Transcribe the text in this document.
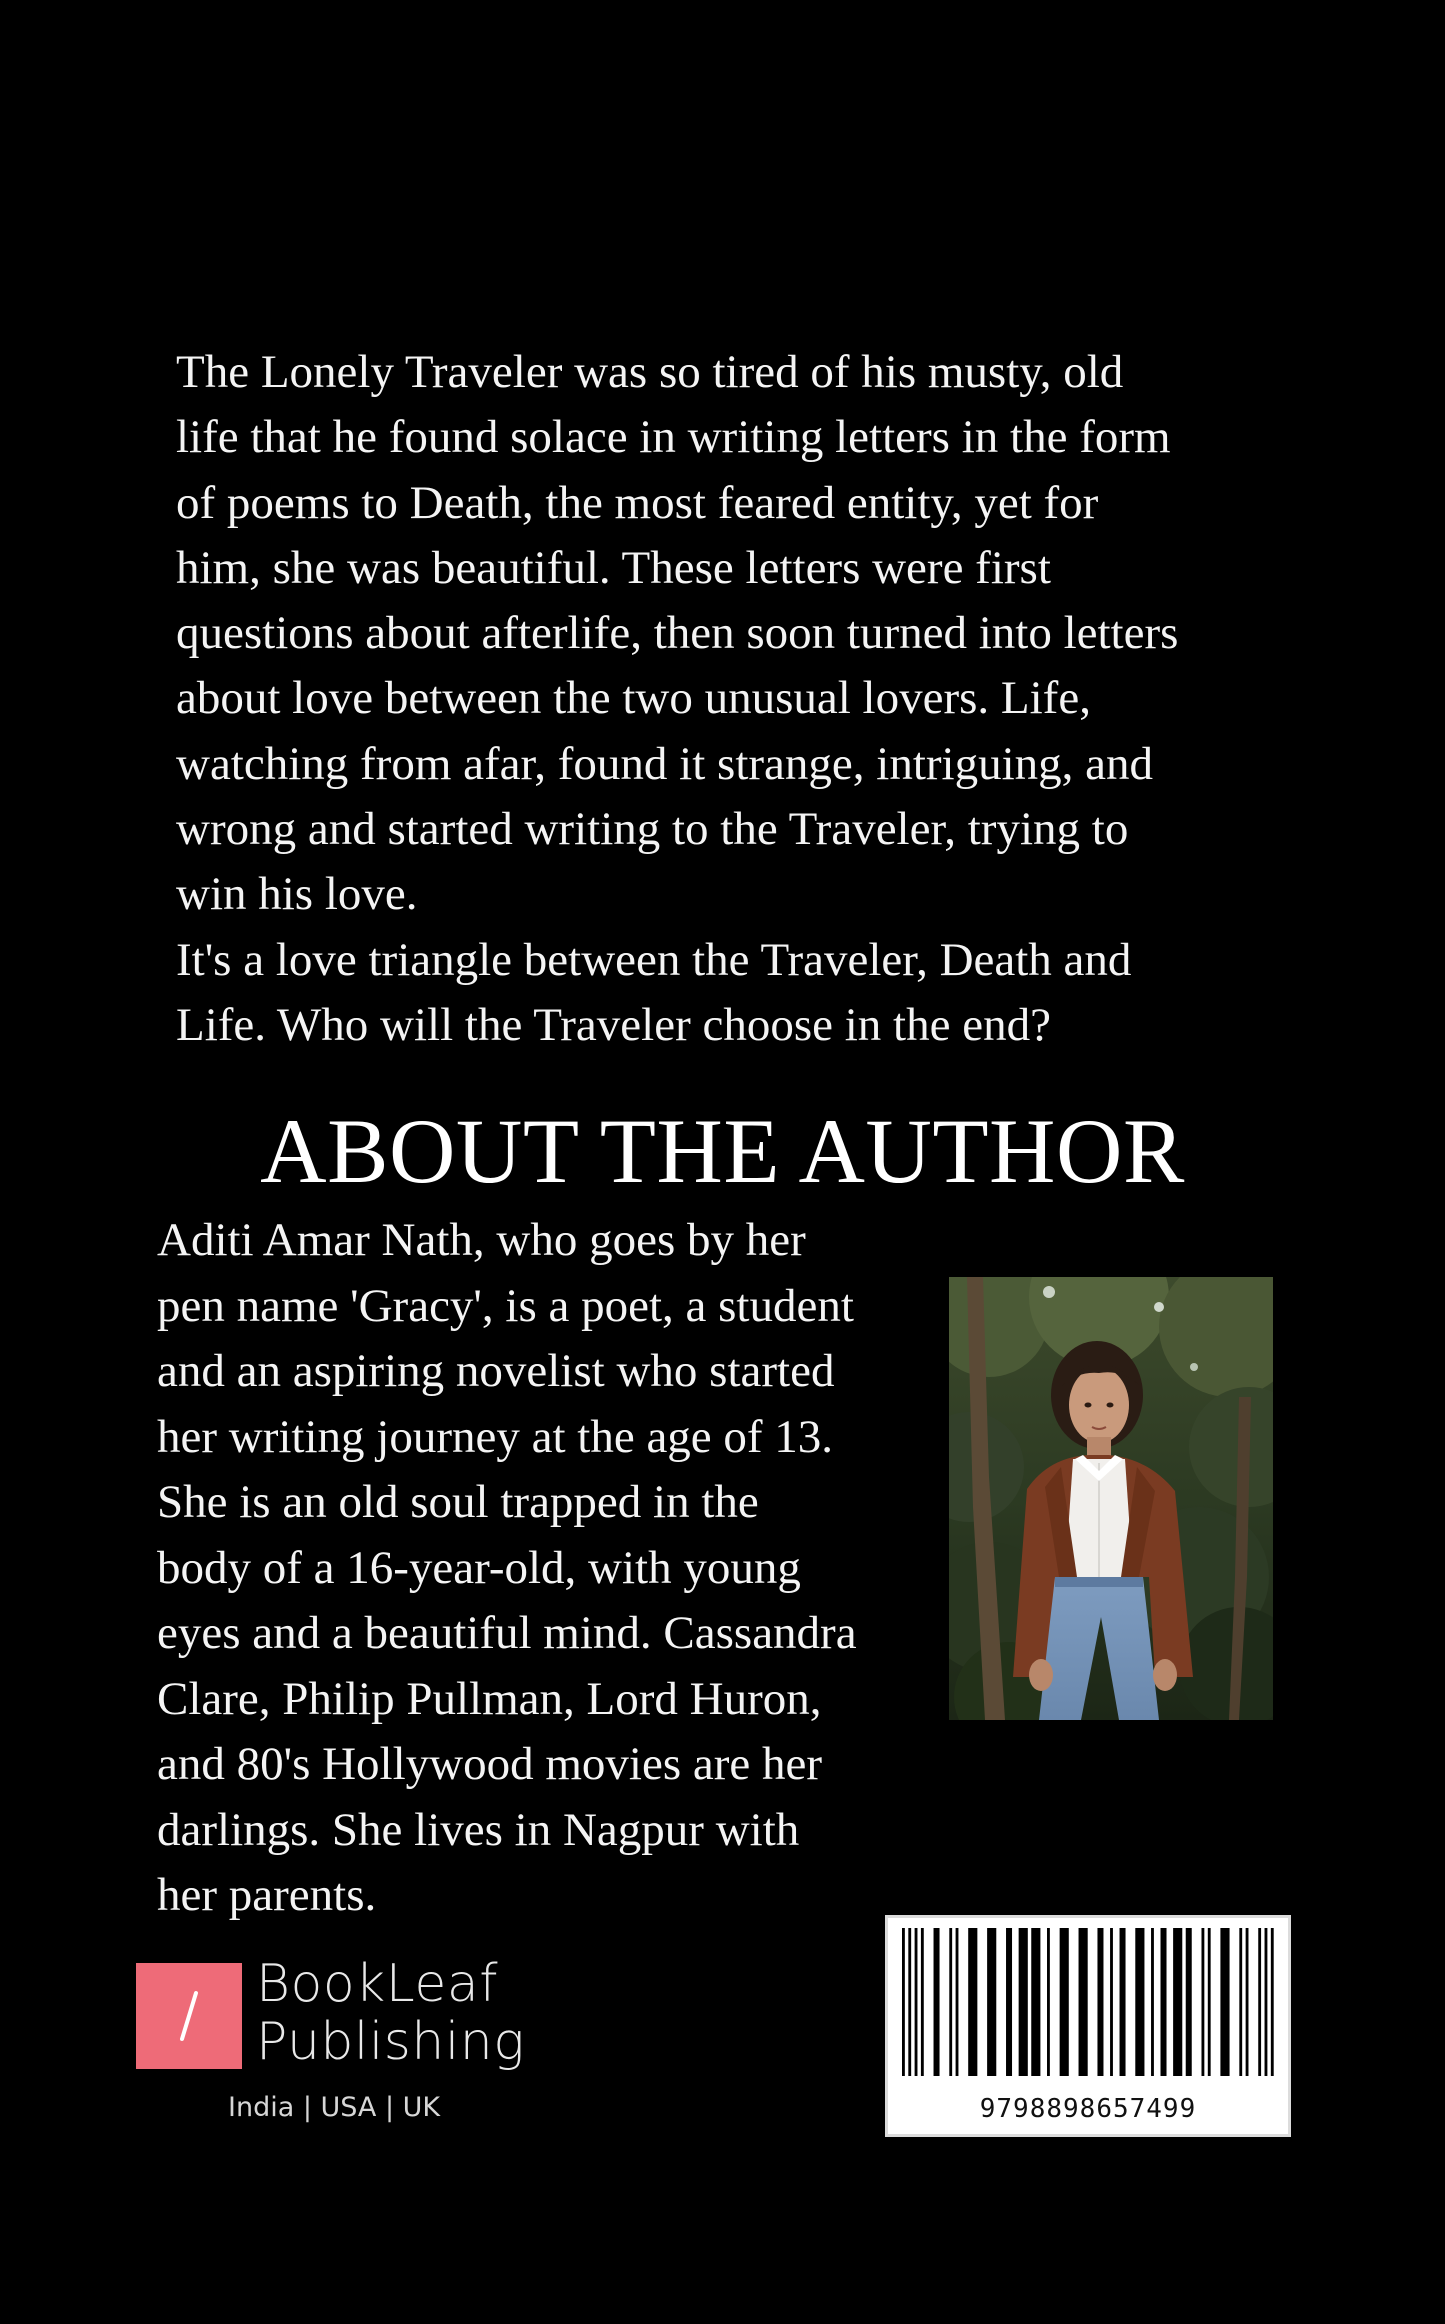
The Lonely Traveler was so tired of his musty, old

life that he found solace in writing letters in the form

of poems to Death, the most feared entity, yet for

him, she was beautiful. These letters were first

questions about afterlife, then soon turned into letters

about love between the two unusual lovers. Life,

watching from afar, found it strange, intriguing, and

wrong and started writing to the Traveler, trying to

win his love.

It's a love triangle between the Traveler, Death and

Life. Who will the Traveler choose in the end?

ABOUT THE AUTHOR
Aditi Amar Nath, who goes by her
pen name 'Gracy', is a poet, a student
and an aspiring novelist who started
her writing journey at the age of 13.
She is an old soul trapped in the
body of a 16-year-old, with young
eyes and a beautiful mind. Cassandra
Clare, Philip Pullman, Lord Huron,
and 80's Hollywood movies are her
darlings. She lives in Nagpur with
her parents.
BookLeaf
Publishing
India | USA | UK	9798898657499
